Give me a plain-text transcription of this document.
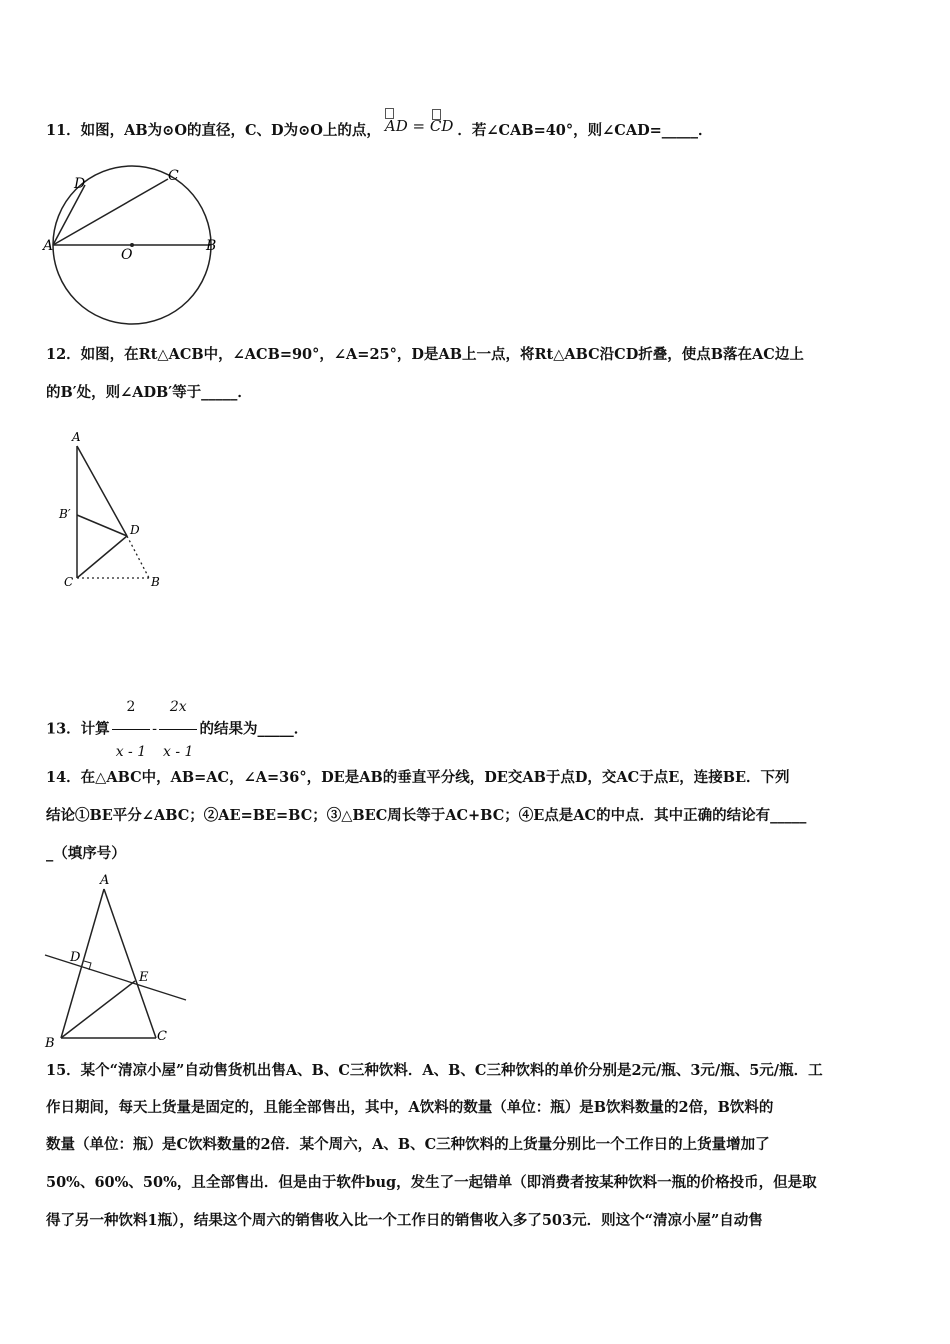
11．如图，AB为⊙O的直径，C、D为⊙O上的点， AD = CD ．若∠CAB=40°，则∠CAD=_____．
A	B
C
D
O
12．如图，在Rt△ACB中，∠ACB=90°，∠A=25°，D是AB上一点，将Rt△ABC沿CD折叠，使点B落在AC边上
的B′处，则∠ADB′等于_____．
A
B′
D
C	B
13．计算 $\frac{2}{x - 1} - \frac{2x}{x - 1}$ 的结果为_____．
14．在△ABC中，AB=AC，∠A=36°，DE是AB的垂直平分线，DE交AB于点D，交AC于点E，连接BE．下列
结论①BE平分∠ABC；②AE=BE=BC；③△BEC周长等于AC+BC；④E点是AC的中点．其中正确的结论有_____
_（填序号）
A
D
E
B	C
15．某个“清凉小屋”自动售货机出售A、B、C三种饮料．A、B、C三种饮料的单价分别是2元/瓶、3元/瓶、5元/瓶．工
作日期间，每天上货量是固定的，且能全部售出，其中，A饮料的数量（单位：瓶）是B饮料数量的2倍，B饮料的
数量（单位：瓶）是C饮料数量的2倍．某个周六，A、B、C三种饮料的上货量分别比一个工作日的上货量增加了
50%、60%、50%，且全部售出．但是由于软件bug，发生了一起错单（即消费者按某种饮料一瓶的价格投币，但是取
得了另一种饮料1瓶），结果这个周六的销售收入比一个工作日的销售收入多了503元．则这个“清凉小屋”自动售
